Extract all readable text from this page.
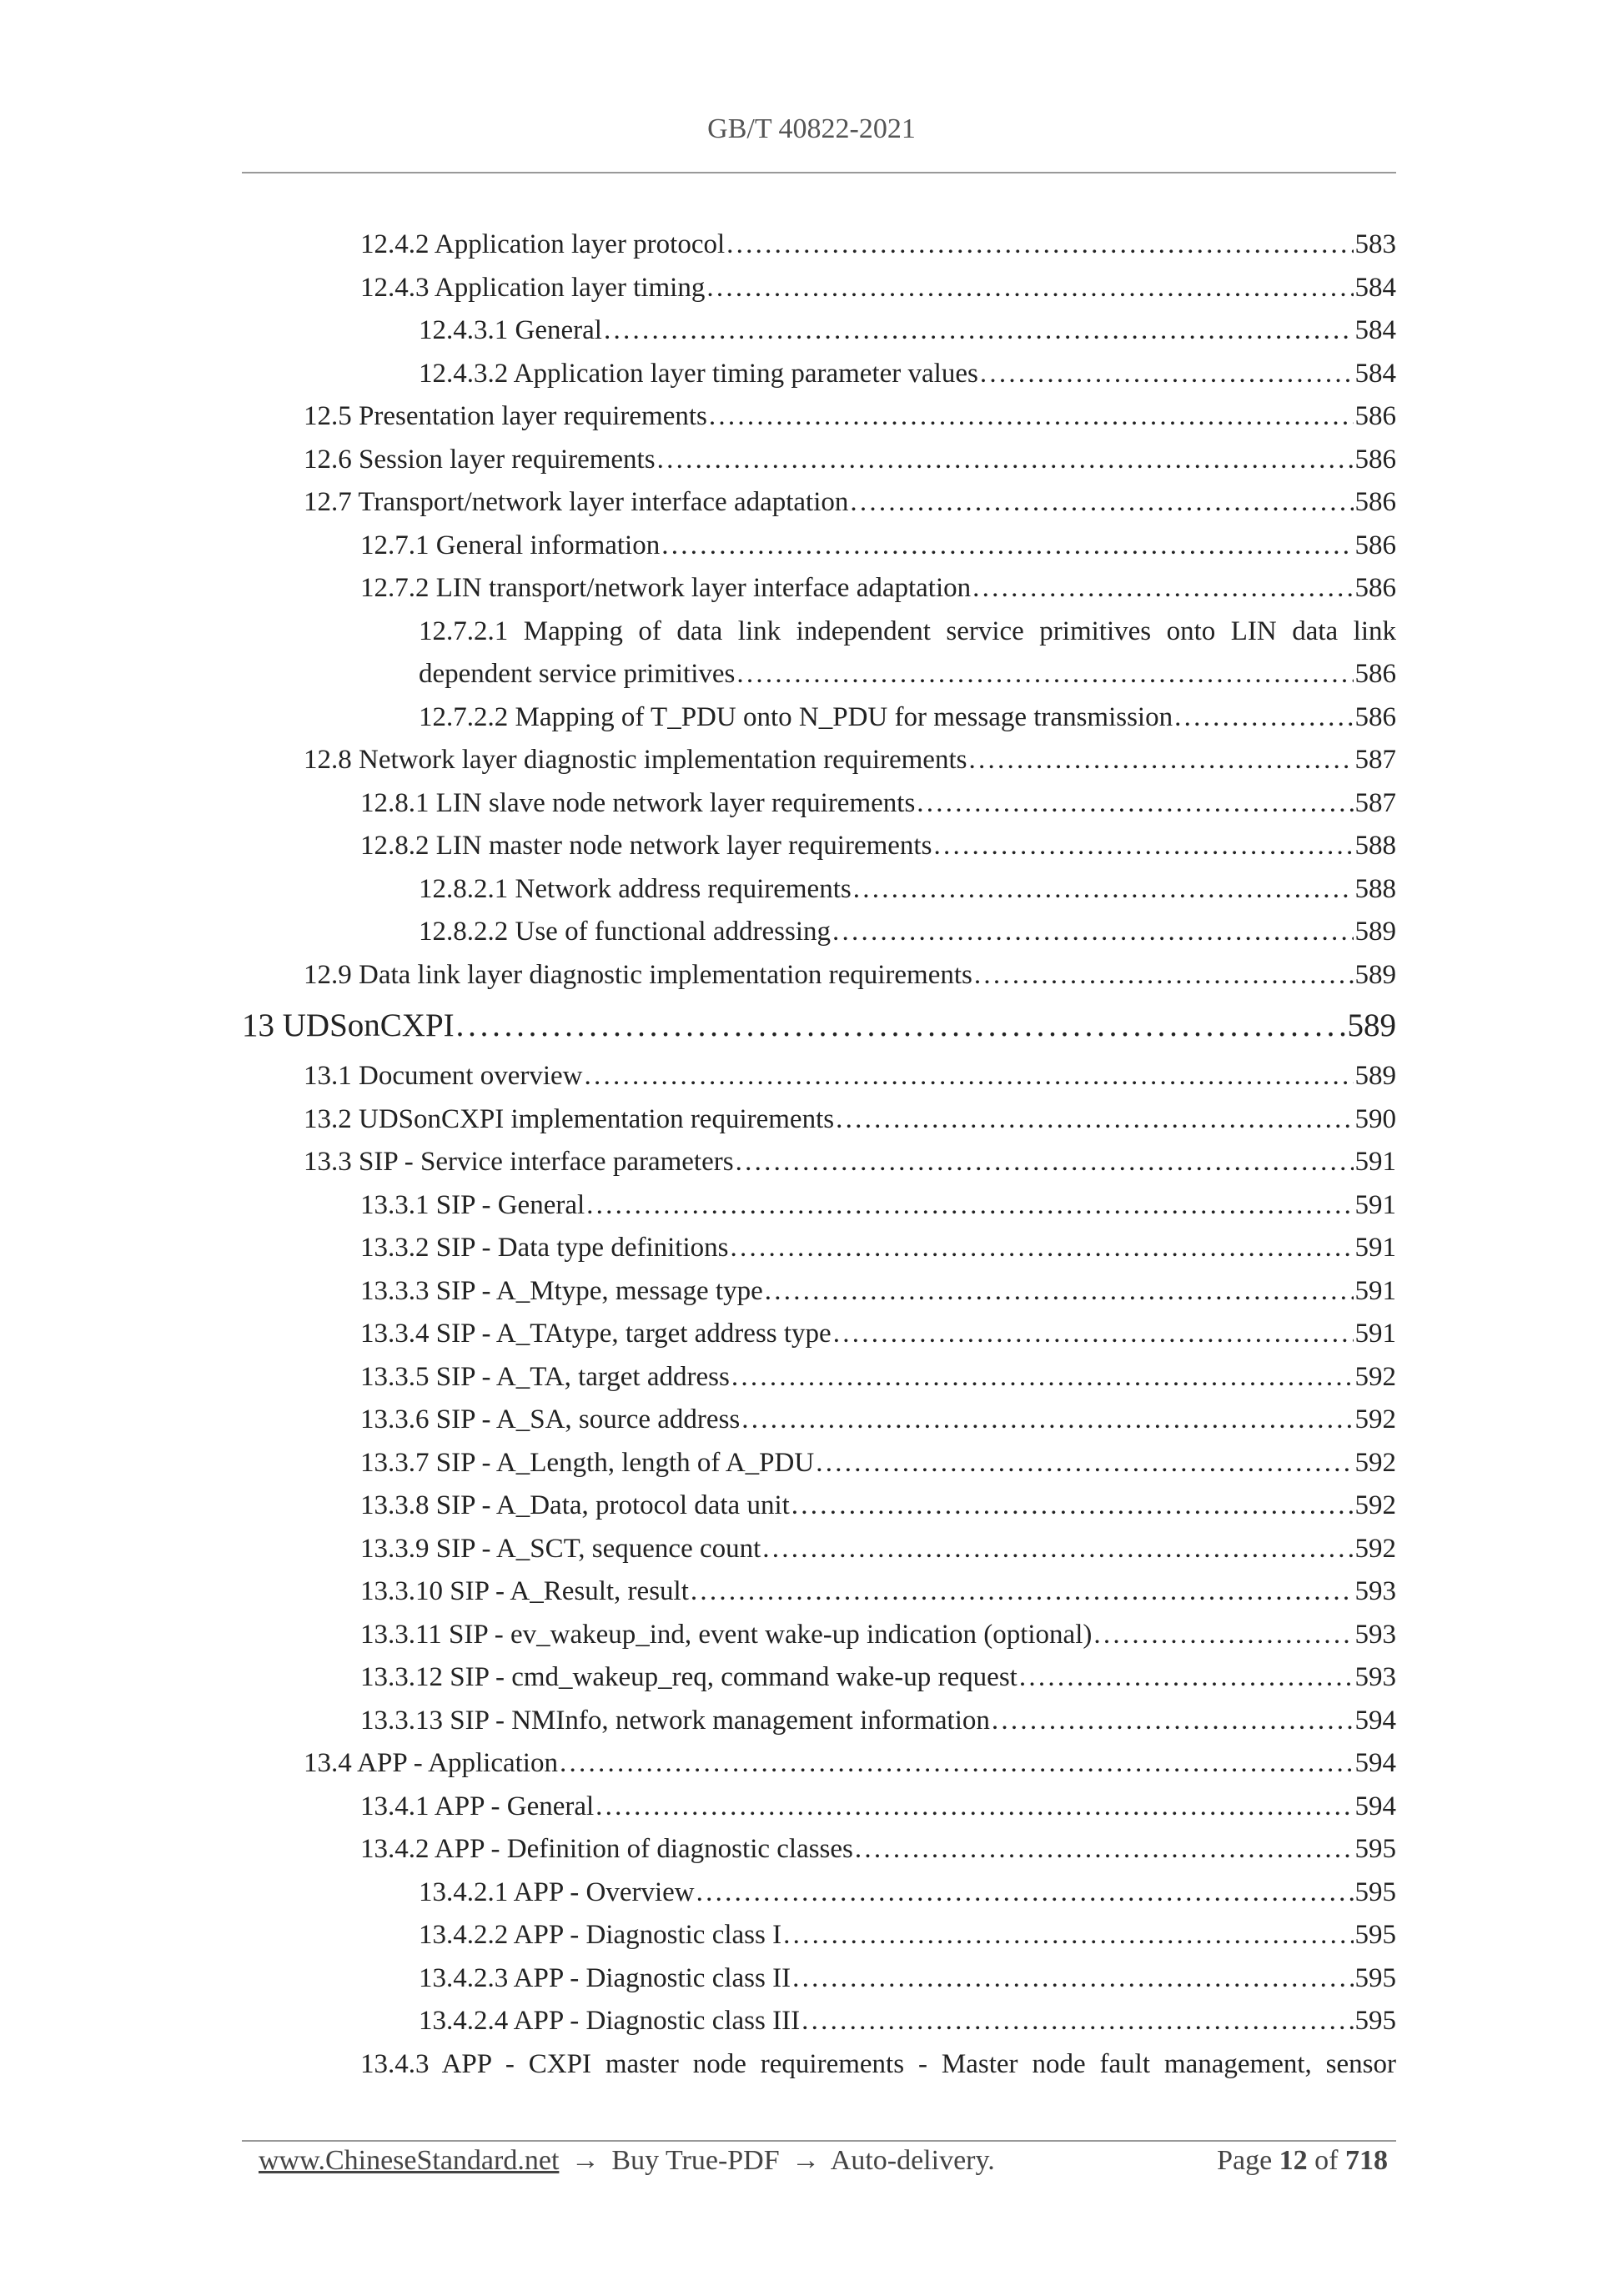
GB/T 40822-2021
12.4.2 Application layer protocol . . .	583
12.4.3 Application layer timing . . .	584
12.4.3.1 General . . .	584
12.4.3.2 Application layer timing parameter values . . .	584
12.5 Presentation layer requirements . . .	586
12.6 Session layer requirements . . .	586
12.7 Transport/network layer interface adaptation . . .	586
12.7.1 General information . . .	586
12.7.2 LIN transport/network layer interface adaptation . . .	586
12.7.2.1 Mapping of data link independent service primitives onto LIN data link
dependent service primitives . . .	586
12.7.2.2 Mapping of T_PDU onto N_PDU for message transmission . . .	586
12.8 Network layer diagnostic implementation requirements . . .	587
12.8.1 LIN slave node network layer requirements . . .	587
12.8.2 LIN master node network layer requirements . . .	588
12.8.2.1 Network address requirements . . .	588
12.8.2.2 Use of functional addressing . . .	589
12.9 Data link layer diagnostic implementation requirements . . .	589
13 UDSonCXPI . . .	589
13.1 Document overview . . .	589
13.2 UDSonCXPI implementation requirements . . .	590
13.3 SIP - Service interface parameters . . .	591
13.3.1 SIP - General . . .	591
13.3.2 SIP - Data type definitions . . .	591
13.3.3 SIP - A_Mtype, message type . . .	591
13.3.4 SIP - A_TAtype, target address type . . .	591
13.3.5 SIP - A_TA, target address . . .	592
13.3.6 SIP - A_SA, source address . . .	592
13.3.7 SIP - A_Length, length of A_PDU . . .	592
13.3.8 SIP - A_Data, protocol data unit . . .	592
13.3.9 SIP - A_SCT, sequence count . . .	592
13.3.10 SIP - A_Result, result . . .	593
13.3.11 SIP - ev_wakeup_ind, event wake-up indication (optional) . . .	593
13.3.12 SIP - cmd_wakeup_req, command wake-up request . . .	593
13.3.13 SIP - NMInfo, network management information . . .	594
13.4 APP - Application . . .	594
13.4.1 APP - General . . .	594
13.4.2 APP - Definition of diagnostic classes . . .	595
13.4.2.1 APP - Overview . . .	595
13.4.2.2 APP - Diagnostic class I . . .	595
13.4.2.3 APP - Diagnostic class II . . .	595
13.4.2.4 APP - Diagnostic class III . . .	595
13.4.3 APP - CXPI master node requirements - Master node fault management, sensor
www.ChineseStandard.net → Buy True-PDF → Auto-delivery.	Page 12 of 718
